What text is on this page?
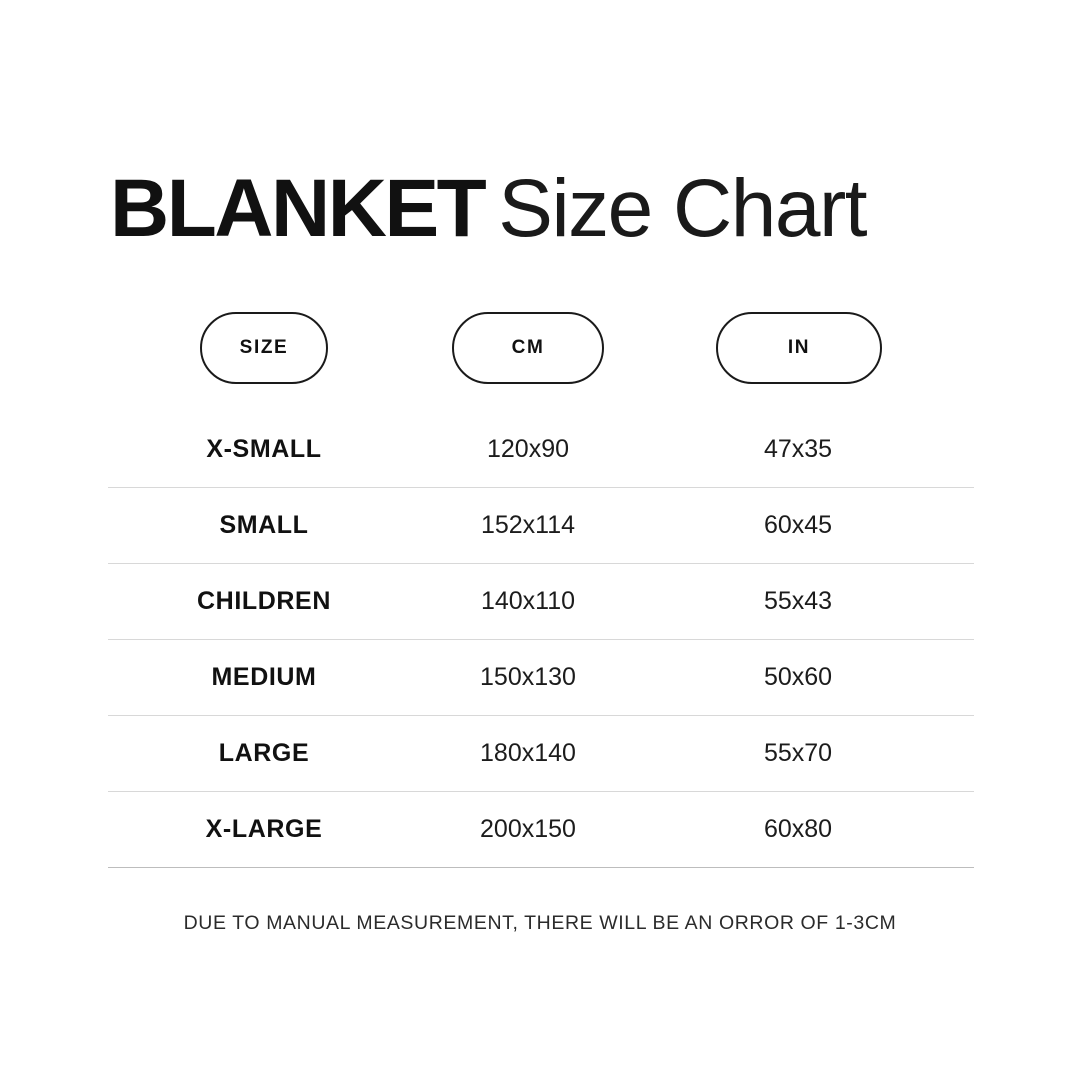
BLANKET Size Chart
SIZE	CM	IN
X-SMALL	120x90	47x35
SMALL	152x114	60x45
CHILDREN	140x110	55x43
MEDIUM	150x130	50x60
LARGE	180x140	55x70
X-LARGE	200x150	60x80
DUE TO MANUAL MEASUREMENT, THERE WILL BE AN ORROR OF 1-3CM
